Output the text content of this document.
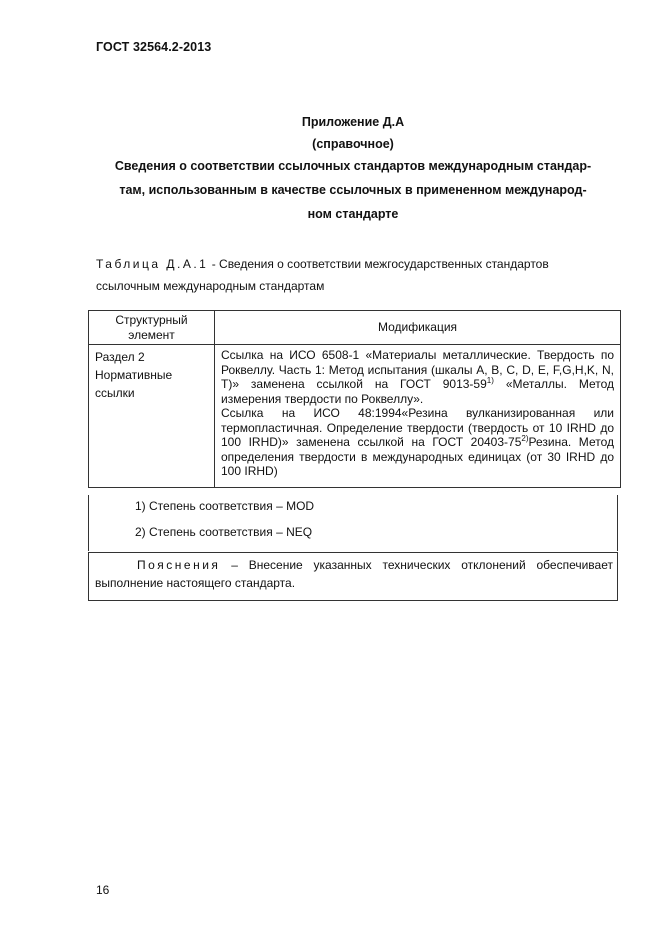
ГОСТ 32564.2-2013
Приложение Д.А
(справочное)
Сведения о соответствии ссылочных стандартов международным стандар-
там, использованным в качестве ссылочных в примененном международ-
ном стандарте
Таблица Д.А.1 - Сведения о соответствии межгосударственных стандартов
ссылочным международным стандартам
Структурный элемент	Модификация
Раздел 2 Нормативные ссылки	Ссылка на ИСО 6508-1 «Материалы металлические. Твердость по Роквеллу. Часть 1: Метод испытания (шкалы A, B, C, D, E, F,G,H,K, N, T)» заменена ссылкой на ГОСТ 9013-59$^{1)}$ «Металлы. Метод измерения твердости по Роквеллу».
Ссылка на ИСО 48:1994«Резина вулканизированная или термопластичная. Определение твердости (твердость от 10 IRHD до 100 IRHD)» заменена ссылкой на ГОСТ 20403-75$^{2)}$Резина. Метод определения твердости в международных единицах (от 30 IRHD до 100 IRHD)
1) Степень соответствия – MOD
2) Степень соответствия – NEQ
Пояснения – Внесение указанных технических отклонений обеспечивает выполнение настоящего стандарта.
16
